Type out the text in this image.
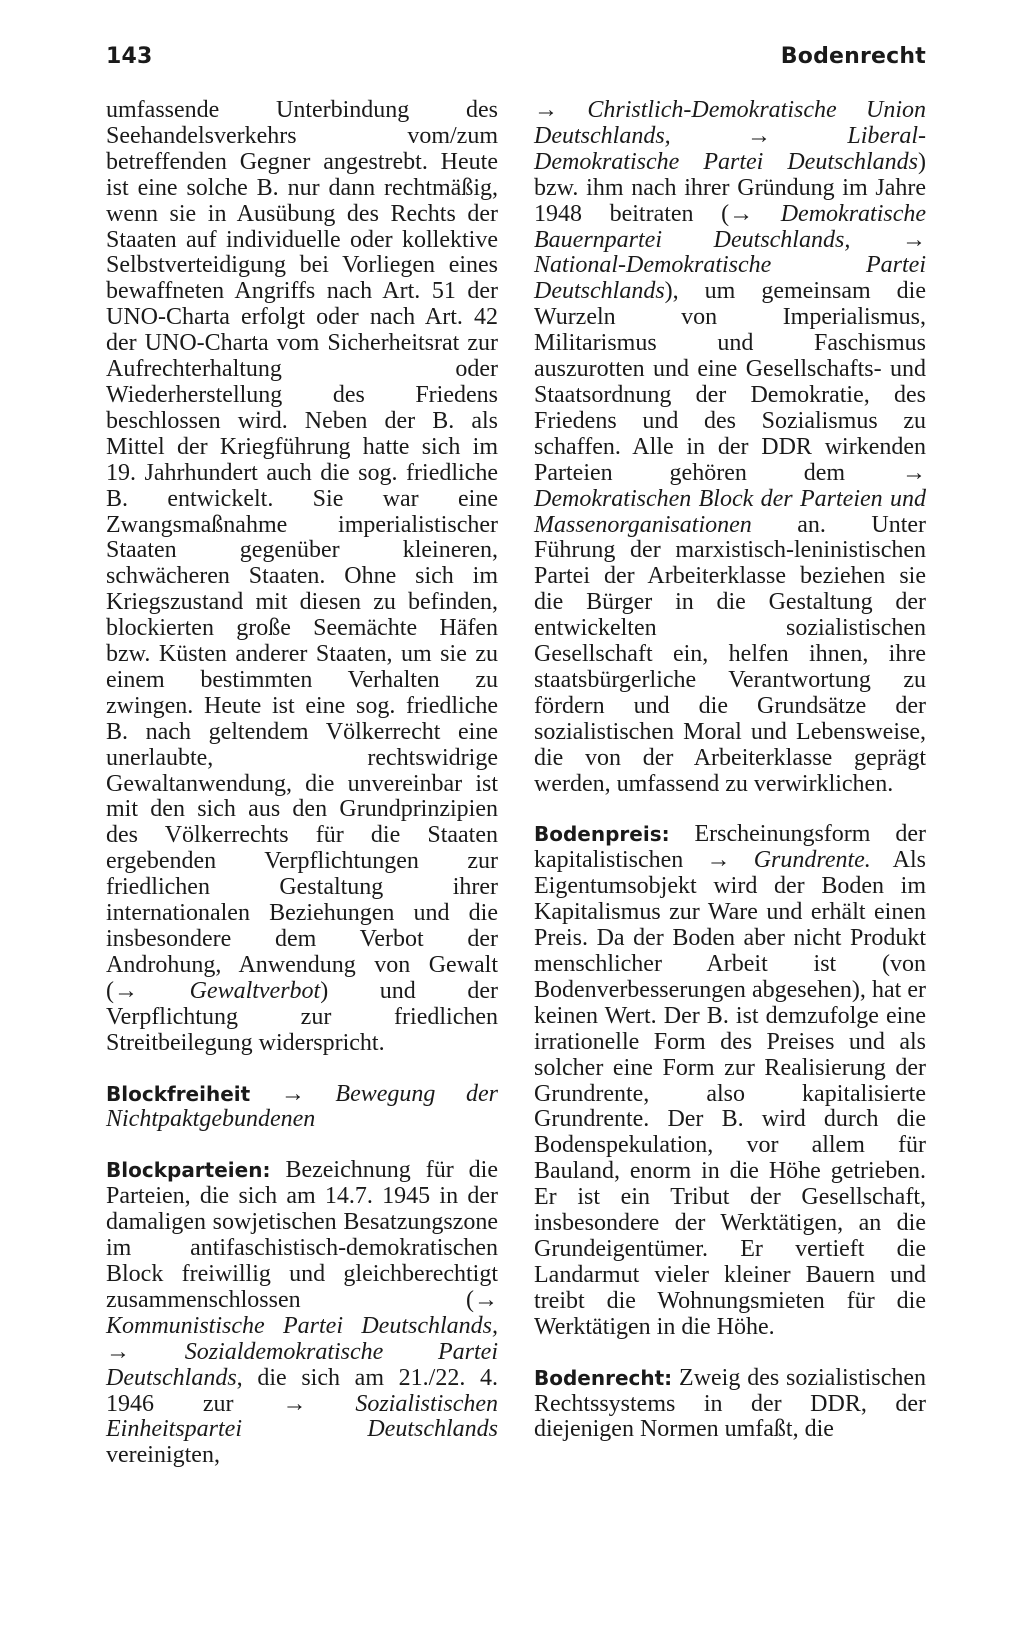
143	Bodenrecht

umfassende Unterbindung des Seehandelsverkehrs vom/zum betreffenden Gegner angestrebt. Heute ist eine solche B. nur dann rechtmäßig, wenn sie in Ausübung des Rechts der Staaten auf individuelle oder kollektive Selbstverteidigung bei Vorliegen eines bewaffneten Angriffs nach Art. 51 der UNO-Charta erfolgt oder nach Art. 42 der UNO-Charta vom Sicherheitsrat zur Aufrechterhaltung oder Wiederherstellung des Friedens beschlossen wird. Neben der B. als Mittel der Kriegführung hatte sich im 19. Jahrhundert auch die sog. friedliche B. entwickelt. Sie war eine Zwangsmaßnahme imperialistischer Staaten gegenüber kleineren, schwächeren Staaten. Ohne sich im Kriegszustand mit diesen zu befinden, blockierten große Seemächte Häfen bzw. Küsten anderer Staaten, um sie zu einem bestimmten Verhalten zu zwingen. Heute ist eine sog. friedliche B. nach geltendem Völkerrecht eine unerlaubte, rechtswidrige Gewaltanwendung, die unvereinbar ist mit den sich aus den Grundprinzipien des Völkerrechts für die Staaten ergebenden Verpflichtungen zur friedlichen Gestaltung ihrer internationalen Beziehungen und die insbesondere dem Verbot der Androhung, Anwendung von Gewalt (→ Gewaltverbot) und der Verpflichtung zur friedlichen Streitbeilegung widerspricht.

Blockfreiheit → Bewegung der Nichtpaktgebundenen

Blockparteien: Bezeichnung für die Parteien, die sich am 14.7. 1945 in der damaligen sowjetischen Besatzungszone im antifaschistisch-demokratischen Block freiwillig und gleichberechtigt zusammenschlossen (→ Kommunistische Partei Deutschlands, → Sozialdemokratische Partei Deutschlands, die sich am 21./22. 4. 1946 zur → Sozialistischen Einheitspartei Deutschlands vereinigten,

→ Christlich-Demokratische Union Deutschlands,	→	Liberal-Demokratische Partei Deutschlands) bzw. ihm nach ihrer Gründung im Jahre 1948 beitraten (→ Demokratische Bauernpartei Deutschlands, → National-Demokratische Partei Deutschlands), um gemeinsam die Wurzeln von Imperialismus, Militarismus und Faschismus auszurotten und eine Gesellschafts- und Staatsordnung der Demokratie, des Friedens und des Sozialismus zu schaffen. Alle in der DDR wirkenden Parteien gehören dem → Demokratischen Block der Parteien und Massenorganisationen an. Unter Führung der marxistisch-leninistischen Partei der Arbeiterklasse beziehen sie die Bürger in die Gestaltung der entwickelten sozialistischen Gesellschaft ein, helfen ihnen, ihre staatsbürgerliche Verantwortung zu fördern und die Grundsätze der sozialistischen Moral und Lebensweise, die von der Arbeiterklasse geprägt werden, umfassend zu verwirklichen.

Bodenpreis: Erscheinungsform der kapitalistischen → Grundrente. Als Eigentumsobjekt wird der Boden im Kapitalismus zur Ware und erhält einen Preis. Da der Boden aber nicht Produkt menschlicher Arbeit ist (von Bodenverbesserungen abgesehen), hat er keinen Wert. Der B. ist demzufolge eine irrationelle Form des Preises und als solcher eine Form zur Realisierung der Grundrente, also kapitalisierte Grundrente. Der B. wird durch die Bodenspekulation, vor allem für Bauland, enorm in die Höhe getrieben. Er ist ein Tribut der Gesellschaft, insbesondere der Werktätigen, an die Grundeigentümer. Er vertieft die Landarmut vieler kleiner Bauern und treibt die Wohnungsmieten für die Werktätigen in die Höhe.

Bodenrecht: Zweig des sozialistischen Rechtssystems in der DDR, der diejenigen Normen umfaßt, die
